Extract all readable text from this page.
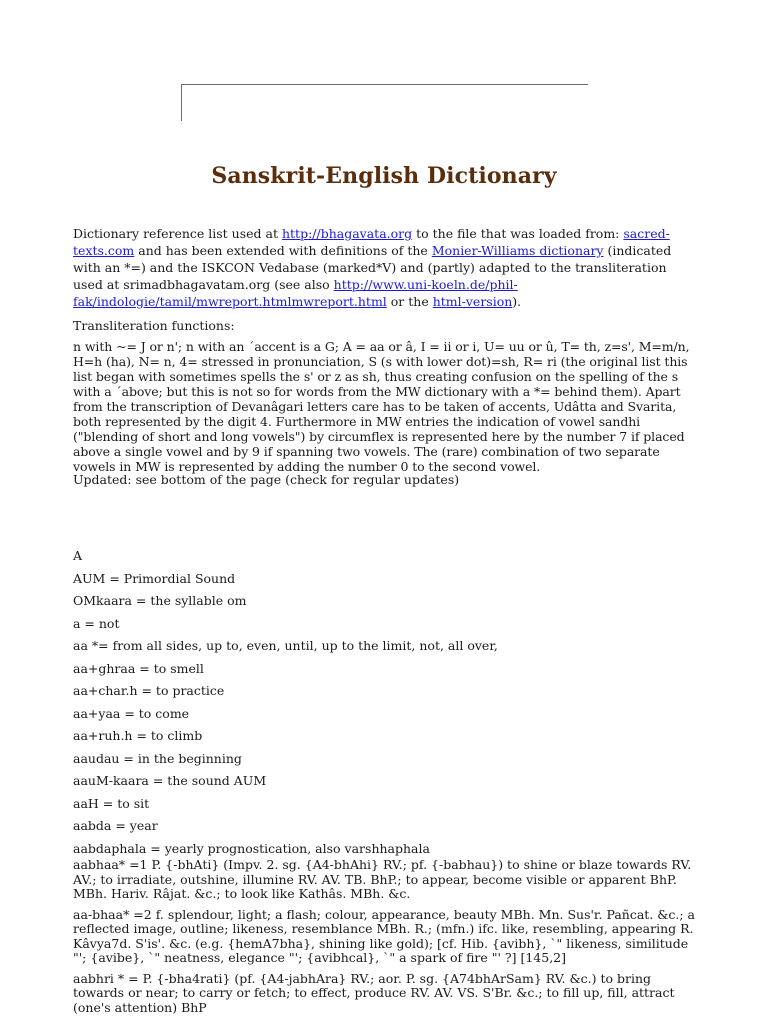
Sanskrit-English Dictionary

Dictionary reference list used at http://bhagavata.org to the file that was loaded from: sacred-texts.com and has been extended with definitions of the Monier-Williams dictionary (indicated with an *=) and the ISKCON Vedabase (marked*V) and (partly) adapted to the transliteration used at srimadbhagavatam.org (see also http://www.uni-koeln.de/phil-fak/indologie/tamil/mwreport.htmlmwreport.html or the html-version).

Transliteration functions:

n with ~= J or n'; n with an ´accent is a G; A = aa or â, I = ii or i, U= uu or û, T= th, z=s', M=m/n, H=h (ha), N= n, 4= stressed in pronunciation, S (s with lower dot)=sh, R= ri (the original list this list began with sometimes spells the s' or z as sh, thus creating confusion on the spelling of the s with a ´above; but this is not so for words from the MW dictionary with a *= behind them). Apart from the transcription of Devanâgari letters care has to be taken of accents, Udâtta and Svarita, both represented by the digit 4. Furthermore in MW entries the indication of vowel sandhi ("blending of short and long vowels") by circumflex is represented here by the number 7 if placed above a single vowel and by 9 if spanning two vowels. The (rare) combination of two separate vowels in MW is represented by adding the number 0 to the second vowel.

Updated: see bottom of the page (check for regular updates)
A
AUM = Primordial Sound
OMkaara = the syllable om
a = not
aa *= from all sides, up to, even, until, up to the limit, not, all over,
aa+ghraa = to smell
aa+char.h = to practice
aa+yaa = to come
aa+ruh.h = to climb
aaudau = in the beginning
aauM-kaara = the sound AUM
aaH = to sit
aabda = year
aabdaphala = yearly prognostication, also varshhaphala
aabhaa* =1 P. {-bhAti} (Impv. 2. sg. {A4-bhAhi} RV.; pf. {-babhau}) to shine or blaze towards RV. AV.; to irradiate, outshine, illumine RV. AV. TB. BhP.; to appear, become visible or apparent BhP. MBh. Hariv. Râjat. &c.; to look like Kathâs. MBh. &c.
aa-bhaa* =2 f. splendour, light; a flash; colour, appearance, beauty MBh. Mn. Sus'r. Pañcat. &c.; a reflected image, outline; likeness, resemblance MBh. R.; (mfn.) ifc. like, resembling, appearing R. Kâvya7d. S'is'. &c. (e.g. {hemA7bha}, shining like gold); [cf. Hib. {avibh}, `" likeness, similitude "'; {avibe}, `" neatness, elegance "'; {avibhcal}, `" a spark of fire "' ?] [145,2]
aabhri * = P. {-bha4rati} (pf. {A4-jabhAra} RV.; aor. P. sg. {A74bhArSam} RV. &c.) to bring towards or near; to carry or fetch; to effect, produce RV. AV. VS. S'Br. &c.; to fill up, fill, attract (one's attention) BhP
